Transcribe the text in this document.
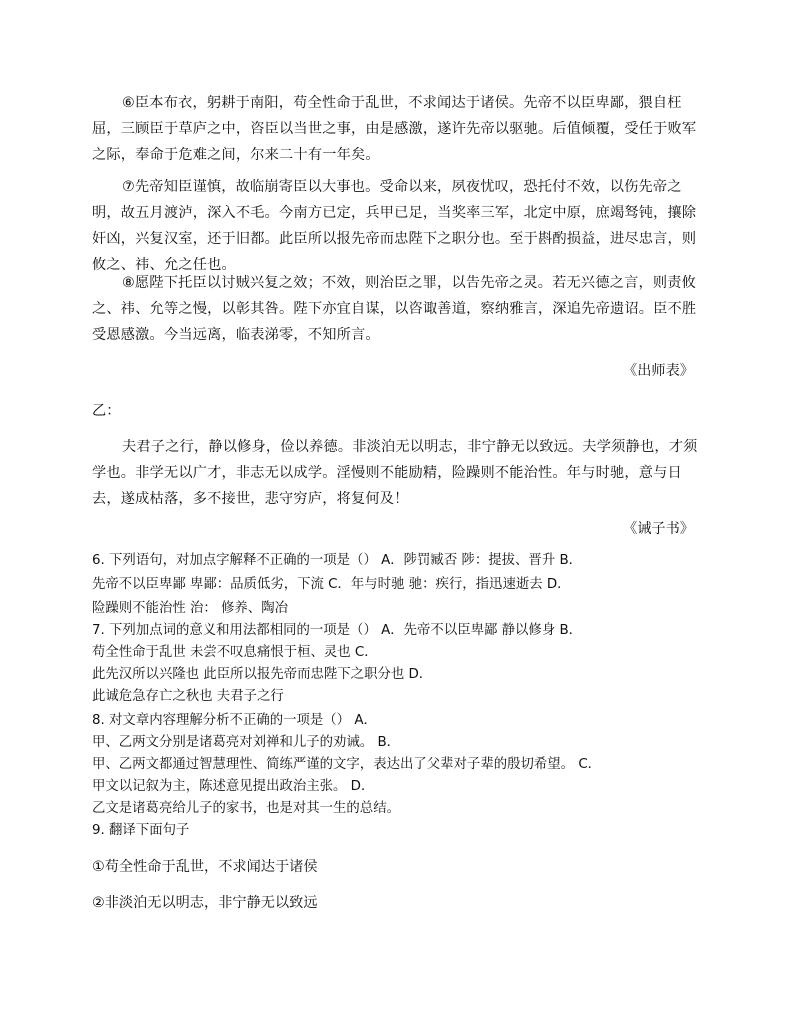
⑥臣本布衣，躬耕于南阳，苟全性命于乱世，不求闻达于诸侯。先帝不以臣卑鄙，猥自枉屈，三顾臣于草庐之中，咨臣以当世之事，由是感激，遂许先帝以驱驰。后值倾覆，受任于败军之际，奉命于危难之间，尔来二十有一年矣。

⑦先帝知臣谨慎，故临崩寄臣以大事也。受命以来，夙夜忧叹，恐托付不效，以伤先帝之明，故五月渡泸，深入不毛。今南方已定，兵甲已足，当奖率三军，北定中原，庶竭驽钝，攘除奸凶，兴复汉室，还于旧都。此臣所以报先帝而忠陛下之职分也。至于斟酌损益，进尽忠言，则攸之、祎、允之任也。

⑧愿陛下托臣以讨贼兴复之效；不效，则治臣之罪，以告先帝之灵。若无兴德之言，则责攸之、祎、允等之慢，以彰其咎。陛下亦宜自谋，以咨诹善道，察纳雅言，深追先帝遗诏。臣不胜受恩感激。今当远离，临表涕零，不知所言。

《出师表》
乙：

夫君子之行，静以修身，俭以养德。非淡泊无以明志，非宁静无以致远。夫学须静也，才须学也。非学无以广才，非志无以成学。淫慢则不能励精，险躁则不能治性。年与时驰，意与日去，遂成枯落，多不接世，悲守穷庐，将复何及！

《诫子书》
6. 下列语句，对加点字解释不正确的一项是（） A．陟罚臧否 陟：提拔、晋升 B．
先帝不以臣卑鄙 卑鄙：品质低劣，下流 C．年与时驰 驰：疾行，指迅速逝去 D．
险躁则不能治性 治： 修养、陶冶
7. 下列加点词的意义和用法都相同的一项是（） A．先帝不以臣卑鄙 静以修身 B．
苟全性命于乱世 未尝不叹息痛恨于桓、灵也 C．
此先汉所以兴隆也 此臣所以报先帝而忠陛下之职分也 D．
此诚危急存亡之秋也 夫君子之行
8. 对文章内容理解分析不正确的一项是（） A．
甲、乙两文分别是诸葛亮对刘禅和儿子的劝诫。 B．
甲、乙两文都通过智慧理性、简练严谨的文字，表达出了父辈对子辈的殷切希望。 C．
甲文以记叙为主，陈述意见提出政治主张。 D．
乙文是诸葛亮给儿子的家书，也是对其一生的总结。
9. 翻译下面句子
①苟全性命于乱世，不求闻达于诸侯
②非淡泊无以明志，非宁静无以致远
